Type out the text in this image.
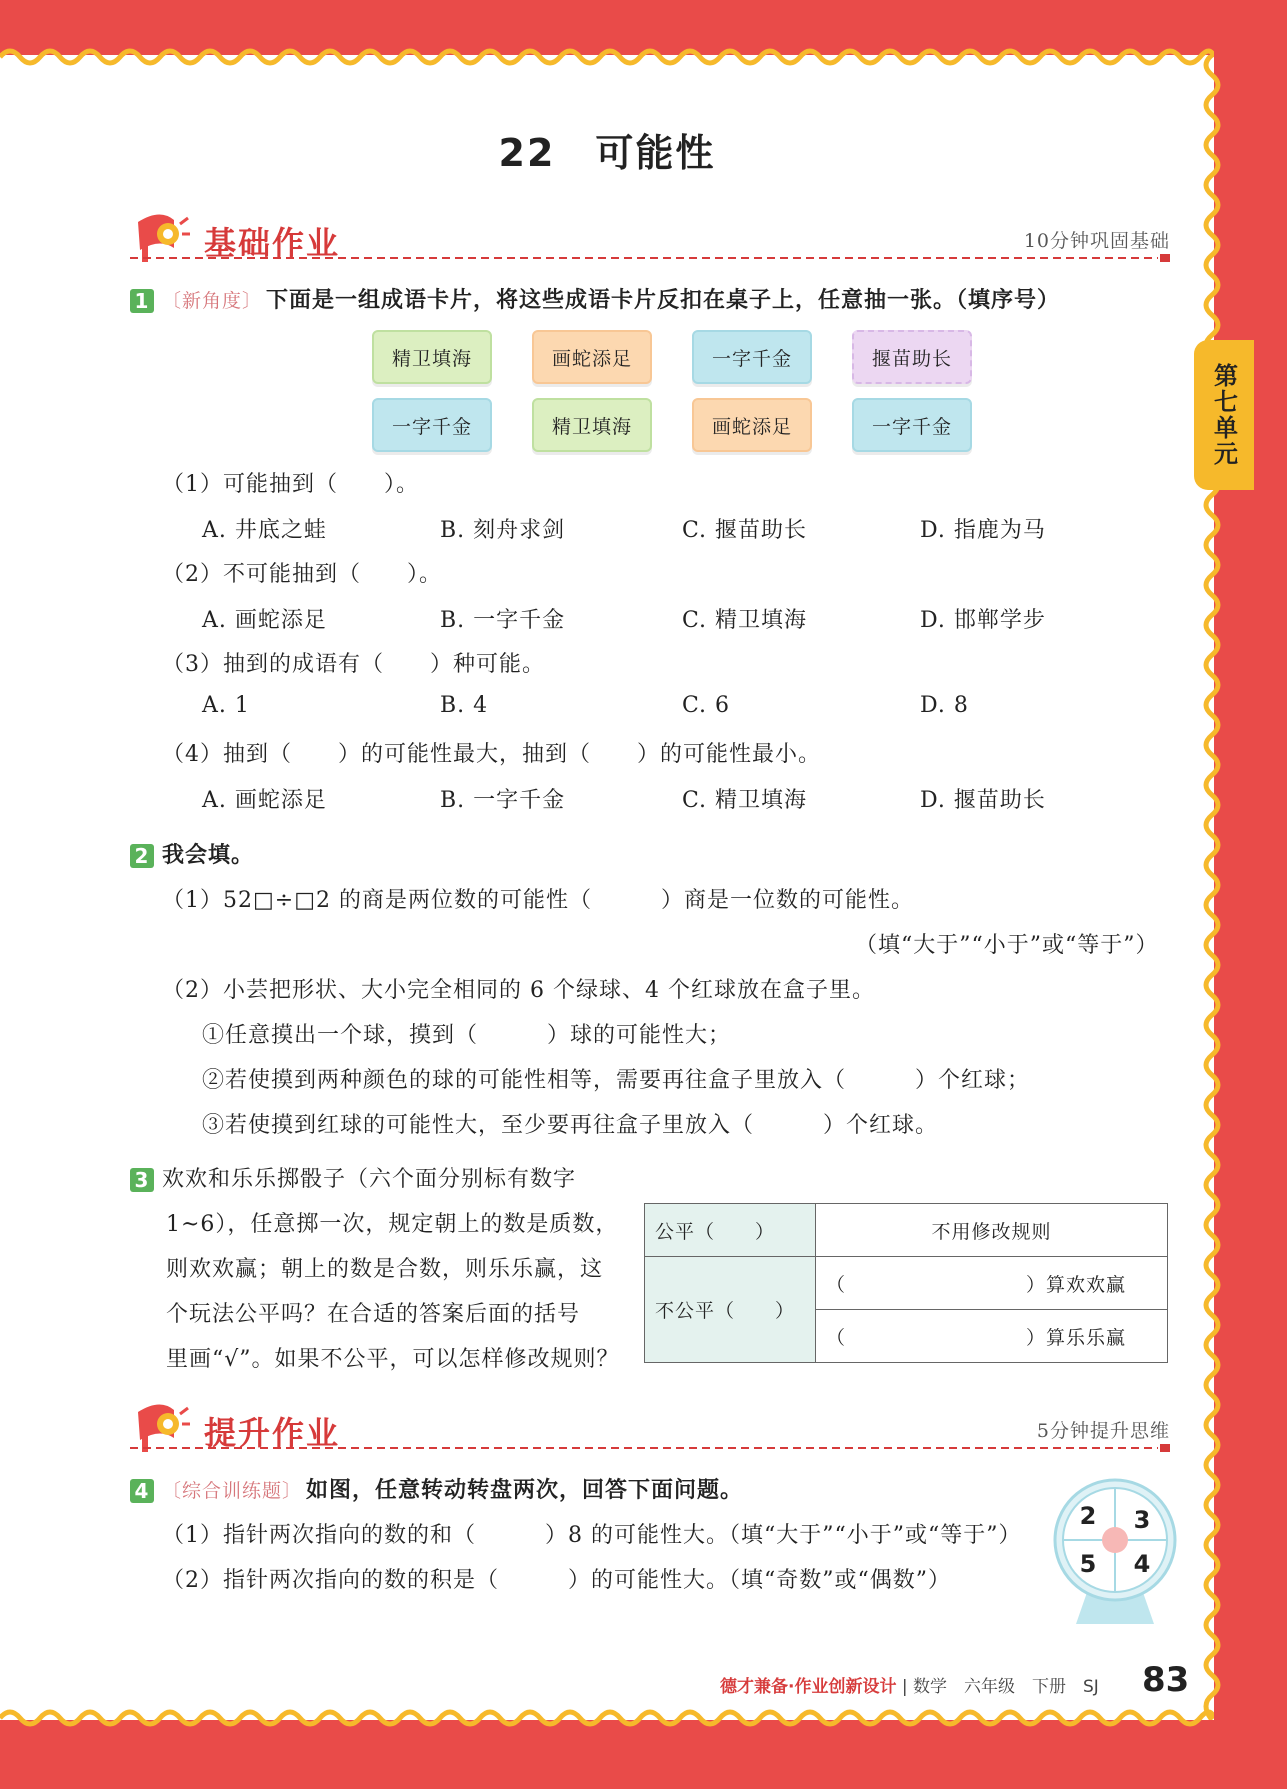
22　可能性
第七单元
基础作业	10分钟巩固基础
1 〔新角度〕 下面是一组成语卡片，将这些成语卡片反扣在桌子上，任意抽一张。（填序号）
精卫填海	画蛇添足	一字千金	揠苗助长
一字千金	精卫填海	画蛇添足	一字千金
（1）可能抽到（　　）。
A. 井底之蛙	B. 刻舟求剑	C. 揠苗助长	D. 指鹿为马
（2）不可能抽到（　　）。
A. 画蛇添足	B. 一字千金	C. 精卫填海	D. 邯郸学步
（3）抽到的成语有（　　）种可能。
A. 1	B. 4	C. 6	D. 8
（4）抽到（　　）的可能性最大，抽到（　　）的可能性最小。
A. 画蛇添足	B. 一字千金	C. 精卫填海	D. 揠苗助长
2 我会填。
（1）52□÷□2 的商是两位数的可能性（　　　）商是一位数的可能性。
（填“大于”“小于”或“等于”）
（2）小芸把形状、大小完全相同的 6 个绿球、4 个红球放在盒子里。
①任意摸出一个球，摸到（　　　）球的可能性大；
②若使摸到两种颜色的球的可能性相等，需要再往盒子里放入（　　　）个红球；
③若使摸到红球的可能性大，至少要再往盒子里放入（　　　）个红球。
3 欢欢和乐乐掷骰子（六个面分别标有数字
1~6），任意掷一次，规定朝上的数是质数，
则欢欢赢；朝上的数是合数，则乐乐赢，这
个玩法公平吗？在合适的答案后面的括号
里画“√”。如果不公平，可以怎样修改规则？
公平（　　）	不用修改规则
不公平（　　）	（　　　　　　　　　）算欢欢赢
	（　　　　　　　　　）算乐乐赢
提升作业	5分钟提升思维
4 〔综合训练题〕 如图，任意转动转盘两次，回答下面问题。
（1）指针两次指向的数的和（　　　）8 的可能性大。（填“大于”“小于”或“等于”）
（2）指针两次指向的数的积是（　　　）的可能性大。（填“奇数”或“偶数”）
2 3
5 4
德才兼备·作业创新设计 | 数学　六年级　下册　SJ 83
